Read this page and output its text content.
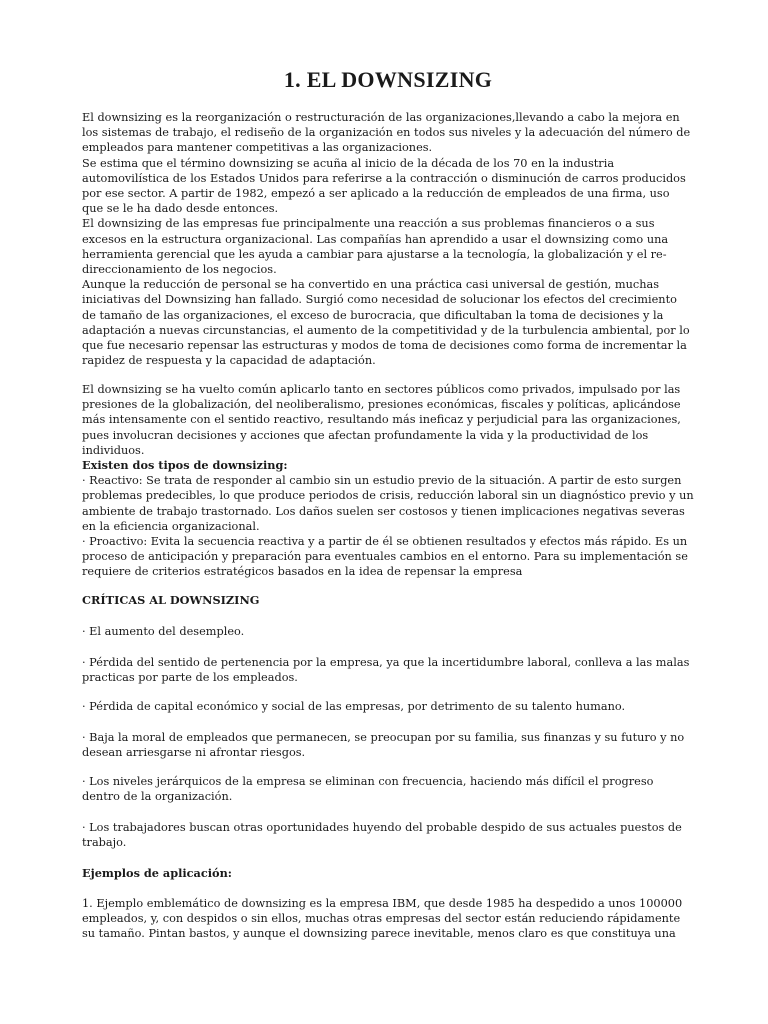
1. EL DOWNSIZING

El downsizing es la reorganización o restructuración de las organizaciones,llevando a cabo la mejora en los sistemas de trabajo, el rediseño de la organización en todos sus niveles y la adecuación del número de empleados para mantener competitivas a las organizaciones.

Se estima que el término downsizing se acuña al inicio de la década de los 70 en la industria automovilística de los Estados Unidos para referirse a la contracción o disminución de carros producidos por ese sector. A partir de 1982, empezó a ser aplicado a la reducción de empleados de una firma, uso que se le ha dado desde entonces.

El downsizing de las empresas fue principalmente una reacción a sus problemas financieros o a sus excesos en la estructura organizacional. Las compañías han aprendido a usar el downsizing como una herramienta gerencial que les ayuda a cambiar para ajustarse a la tecnología, la globalización y el re-direccionamiento de los negocios.

Aunque la reducción de personal se ha convertido en una práctica casi universal de gestión, muchas iniciativas del Downsizing han fallado. Surgió como necesidad de solucionar los efectos del crecimiento de tamaño de las organizaciones, el exceso de burocracia, que dificultaban la toma de decisiones y la adaptación a nuevas circunstancias, el aumento de la competitividad y de la turbulencia ambiental, por lo que fue necesario repensar las estructuras y modos de toma de decisiones como forma de incrementar la rapidez de respuesta y la capacidad de adaptación.

El downsizing se ha vuelto común aplicarlo tanto en sectores públicos como privados, impulsado por las presiones de la globalización, del neoliberalismo, presiones económicas, fiscales y políticas, aplicándose más intensamente con el sentido reactivo, resultando más ineficaz y perjudicial para las organizaciones, pues involucran decisiones y acciones que afectan profundamente la vida y la productividad de los individuos.

Existen dos tipos de downsizing:

· Reactivo: Se trata de responder al cambio sin un estudio previo de la situación. A partir de esto surgen problemas predecibles, lo que produce periodos de crisis, reducción laboral sin un diagnóstico previo y un ambiente de trabajo trastornado. Los daños suelen ser costosos y tienen implicaciones negativas severas en la eficiencia organizacional.

· Proactivo: Evita la secuencia reactiva y a partir de él se obtienen resultados y efectos más rápido. Es un proceso de anticipación y preparación para eventuales cambios en el entorno. Para su implementación se requiere de criterios estratégicos basados en la idea de repensar la empresa

CRÍTICAS AL DOWNSIZING

· El aumento del desempleo.

· Pérdida del sentido de pertenencia por la empresa, ya que la incertidumbre laboral, conlleva a las malas practicas por parte de los empleados.

· Pérdida de capital económico y social de las empresas, por detrimento de su talento humano.

· Baja la moral de empleados que permanecen, se preocupan por su familia, sus finanzas y su futuro y no desean arriesgarse ni afrontar riesgos.

· Los niveles jerárquicos de la empresa se eliminan con frecuencia, haciendo más difícil el progreso dentro de la organización.

· Los trabajadores buscan otras oportunidades huyendo del probable despido de sus actuales puestos de trabajo.

Ejemplos de aplicación:

1. Ejemplo emblemático de downsizing es la empresa IBM, que desde 1985 ha despedido a unos 100000 empleados, y, con despidos o sin ellos, muchas otras empresas del sector están reduciendo rápidamente su tamaño. Pintan bastos, y aunque el downsizing parece inevitable, menos claro es que constituya una
